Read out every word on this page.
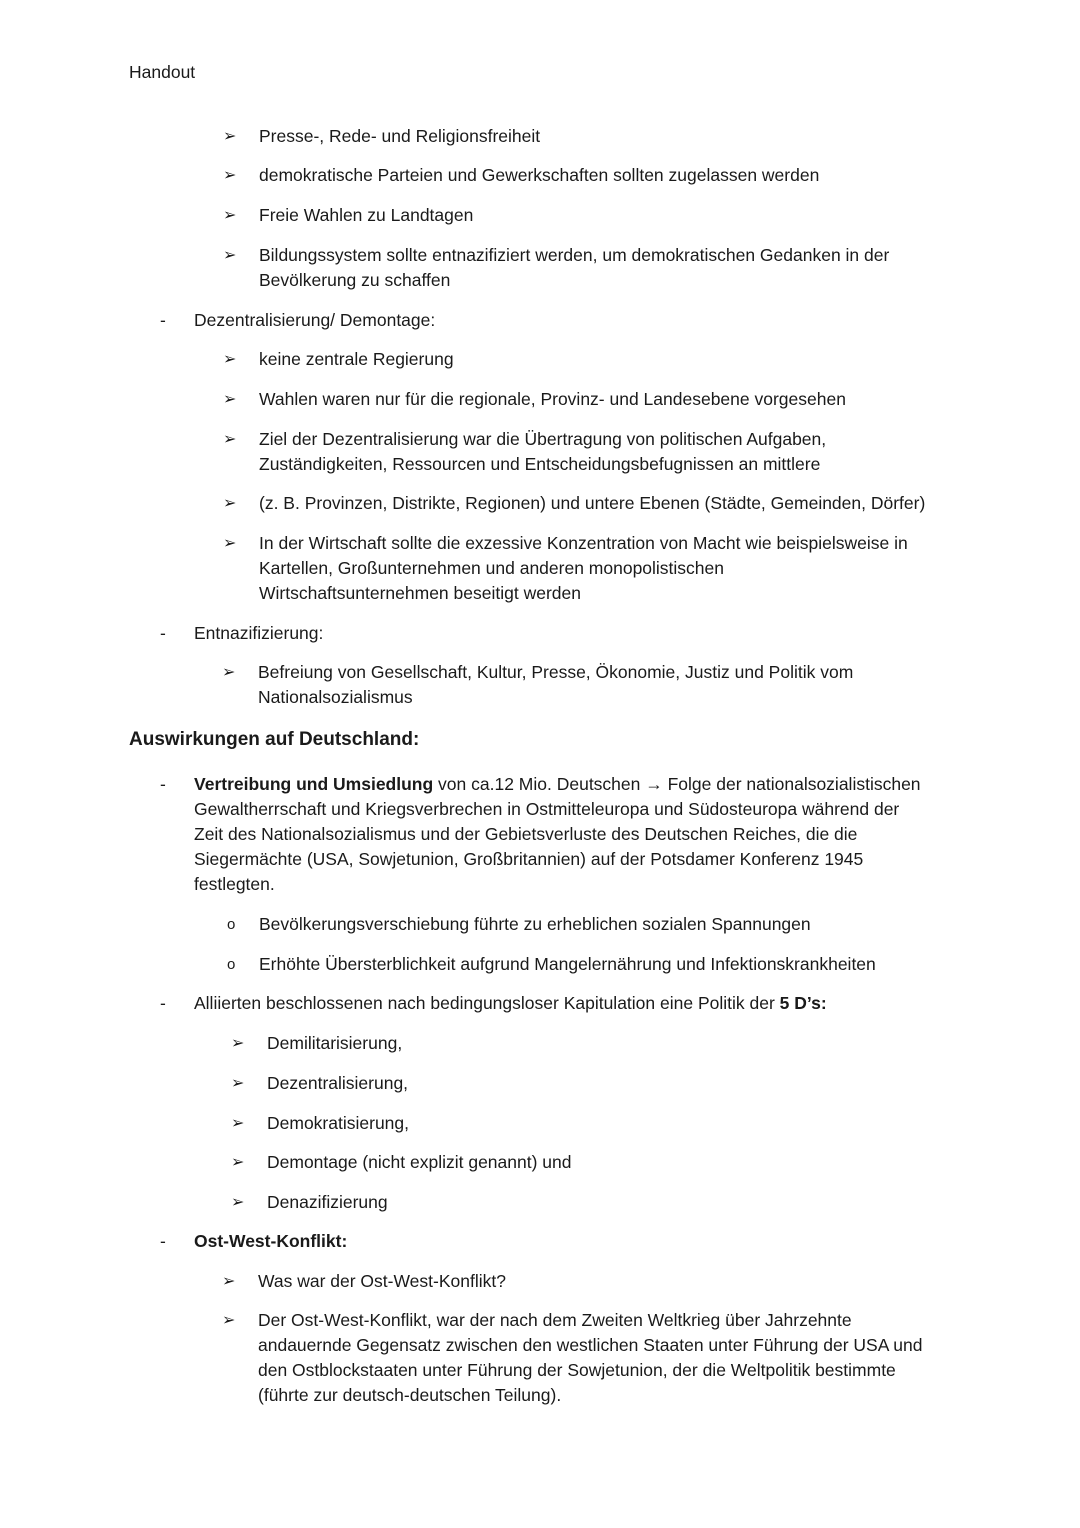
Handout
➢ Presse-, Rede- und Religionsfreiheit
➢ demokratische Parteien und Gewerkschaften sollten zugelassen werden
➢ Freie Wahlen zu Landtagen
➢ Bildungssystem sollte entnazifiziert werden, um demokratischen Gedanken in der
Bevölkerung zu schaffen
- Dezentralisierung/ Demontage:
➢ keine zentrale Regierung
➢ Wahlen waren nur für die regionale, Provinz- und Landesebene vorgesehen
➢ Ziel der Dezentralisierung war die Übertragung von politischen Aufgaben,
Zuständigkeiten, Ressourcen und Entscheidungsbefugnissen an mittlere
➢ (z. B. Provinzen, Distrikte, Regionen) und untere Ebenen (Städte, Gemeinden, Dörfer)
➢ In der Wirtschaft sollte die exzessive Konzentration von Macht wie beispielsweise in
Kartellen, Großunternehmen und anderen monopolistischen
Wirtschaftsunternehmen beseitigt werden
- Entnazifizierung:
➢ Befreiung von Gesellschaft, Kultur, Presse, Ökonomie, Justiz und Politik vom
Nationalsozialismus
Auswirkungen auf Deutschland:
- Vertreibung und Umsiedlung von ca.12 Mio. Deutschen → Folge der nationalsozialistischen
Gewaltherrschaft und Kriegsverbrechen in Ostmitteleuropa und Südosteuropa während der
Zeit des Nationalsozialismus und der Gebietsverluste des Deutschen Reiches, die die
Siegermächte (USA, Sowjetunion, Großbritannien) auf der Potsdamer Konferenz 1945
festlegten.
o Bevölkerungsverschiebung führte zu erheblichen sozialen Spannungen
o Erhöhte Übersterblichkeit aufgrund Mangelernährung und Infektionskrankheiten
- Alliierten beschlossenen nach bedingungsloser Kapitulation eine Politik der 5 D’s:
➢ Demilitarisierung,
➢ Dezentralisierung,
➢ Demokratisierung,
➢ Demontage (nicht explizit genannt) und
➢ Denazifizierung
- Ost-West-Konflikt:
➢ Was war der Ost-West-Konflikt?
➢ Der Ost-West-Konflikt, war der nach dem Zweiten Weltkrieg über Jahrzehnte
andauernde Gegensatz zwischen den westlichen Staaten unter Führung der USA und
den Ostblockstaaten unter Führung der Sowjetunion, der die Weltpolitik bestimmte
(führte zur deutsch-deutschen Teilung).
